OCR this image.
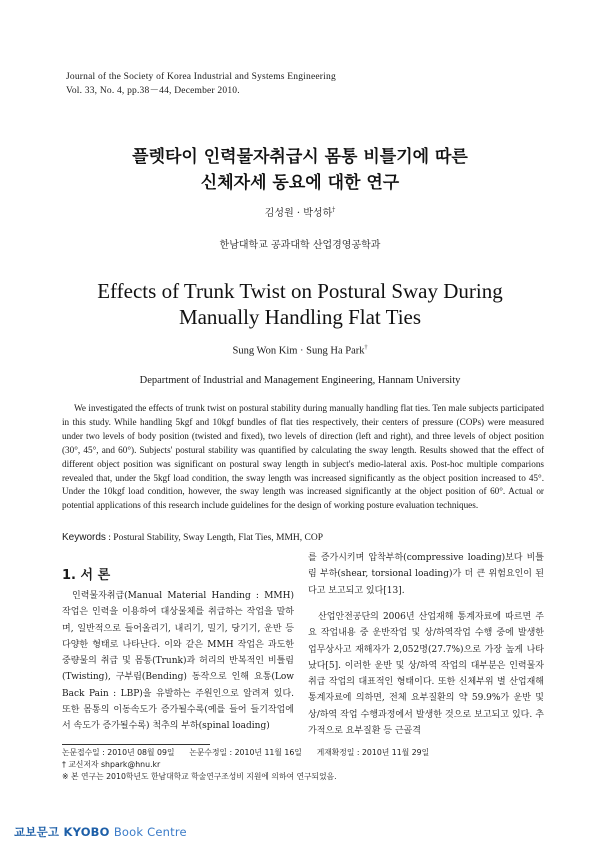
Journal of the Society of Korea Industrial and Systems Engineering
Vol. 33, No. 4, pp.38－44, December 2010.
플렛타이 인력물자취급시 몸통 비틀기에 따른
신체자세 동요에 대한 연구
김성원 · 박성하†
한남대학교 공과대학 산업경영공학과
Effects of Trunk Twist on Postural Sway During
Manually Handling Flat Ties
Sung Won Kim · Sung Ha Park†
Department of Industrial and Management Engineering, Hannam University
We investigated the effects of trunk twist on postural stability during manually handling flat ties. Ten male subjects participated in this study. While handling 5kgf and 10kgf bundles of flat ties respectively, their centers of pressure (COPs) were measured under two levels of body position (twisted and fixed), two levels of direction (left and right), and three levels of object position (30°, 45°, and 60°). Subjects' postural stability was quantified by calculating the sway length. Results showed that the effect of different object position was significant on postural sway length in subject's medio-lateral axis. Post-hoc multiple comparions revealed that, under the 5kgf load condition, the sway length was increased significantly as the object position increased to 45°. Under the 10kgf load condition, however, the sway length was increased significantly at the object position of 60°. Actual or potential applications of this research include guidelines for the design of working posture evaluation techniques.
Keywords : Postural Stability, Sway Length, Flat Ties, MMH, COP
1. 서 론
인력물자취급(Manual Material Handing : MMH) 작업은 인력을 이용하여 대상물체를 취급하는 작업을 말하며, 일반적으로 들어올리기, 내리기, 밀기, 당기기, 운반 등 다양한 형태로 나타난다. 이와 같은 MMH 작업은 과도한 중량물의 취급 및 몸통(Trunk)과 허리의 반복적인 비틀림(Twisting), 구부림(Bending) 동작으로 인해 요통(Low Back Pain : LBP)을 유발하는 주원인으로 알려져 있다. 또한 몸통의 이동속도가 증가될수록(예를 들어 들기작업에서 속도가 증가될수록) 척추의 부하(spinal loading)
를 증가시키며 압착부하(compressive loading)보다 비틀림 부하(shear, torsional loading)가 더 큰 위험요인이 된다고 보고되고 있다[13].
산업안전공단의 2006년 산업재해 통계자료에 따르면 주요 작업내용 중 운반작업 및 상/하역작업 수행 중에 발생한 업무상사고 재해자가 2,052명(27.7%)으로 가장 높게 나타났다[5]. 이러한 운반 및 상/하역 작업의 대부분은 인력물자취급 작업의 대표적인 형태이다. 또한 신체부위 별 산업재해 통계자료에 의하면, 전체 요부질환의 약 59.9%가 운반 및 상/하역 작업 수행과정에서 발생한 것으로 보고되고 있다. 추가적으로 요부질환 등 근골격
논문접수일 : 2010년 08월 09일      논문수정일 : 2010년 11월 16일      게재확정일 : 2010년 11월 29일
† 교신저자 shpark@hnu.kr
※ 본 연구는 2010학년도 한남대학교 학술연구조성비 지원에 의하여 연구되었음.
교보문고 KYOBO Book Centre
